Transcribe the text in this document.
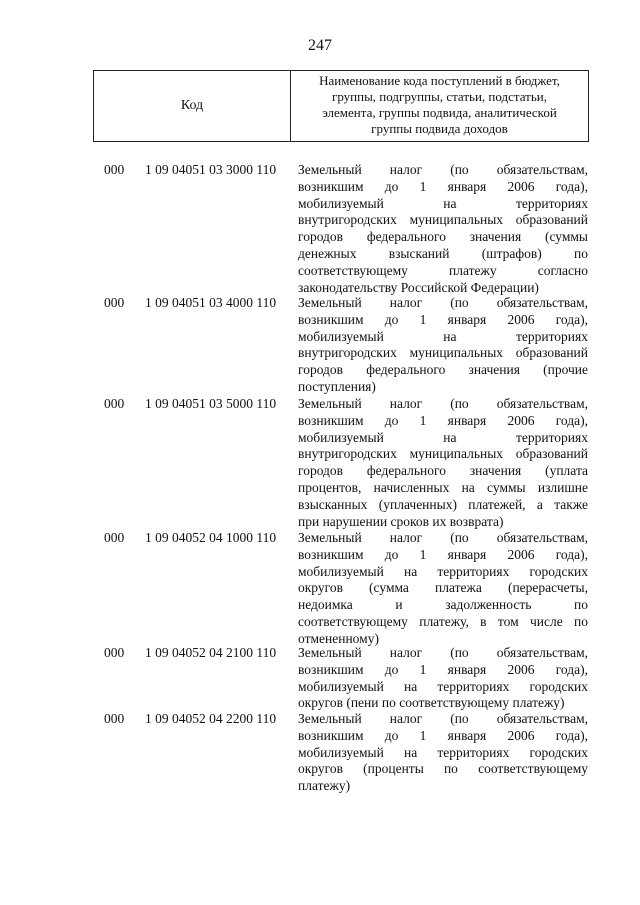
247
Код
Наименование кода поступлений в бюджет,
группы, подгруппы, статьи, подстатьи,
элемента, группы подвида, аналитической
группы подвида доходов
000 1 09 04051 03 3000 110 Земельный налог (по обязательствам,
возникшим до 1 января 2006 года),
мобилизуемый на территориях
внутригородских муниципальных образований
городов федерального значения (суммы
денежных взысканий (штрафов) по
соответствующему платежу согласно
законодательству Российской Федерации)
000 1 09 04051 03 4000 110 Земельный налог (по обязательствам,
возникшим до 1 января 2006 года),
мобилизуемый на территориях
внутригородских муниципальных образований
городов федерального значения (прочие
поступления)
000 1 09 04051 03 5000 110 Земельный налог (по обязательствам,
возникшим до 1 января 2006 года),
мобилизуемый на территориях
внутригородских муниципальных образований
городов федерального значения (уплата
процентов, начисленных на суммы излишне
взысканных (уплаченных) платежей, а также
при нарушении сроков их возврата)
000 1 09 04052 04 1000 110 Земельный налог (по обязательствам,
возникшим до 1 января 2006 года),
мобилизуемый на территориях городских
округов (сумма платежа (перерасчеты,
недоимка и задолженность по
соответствующему платежу, в том числе по
отмененному)
000 1 09 04052 04 2100 110 Земельный налог (по обязательствам,
возникшим до 1 января 2006 года),
мобилизуемый на территориях городских
округов (пени по соответствующему платежу)
000 1 09 04052 04 2200 110 Земельный налог (по обязательствам,
возникшим до 1 января 2006 года),
мобилизуемый на территориях городских
округов (проценты по соответствующему
платежу)
